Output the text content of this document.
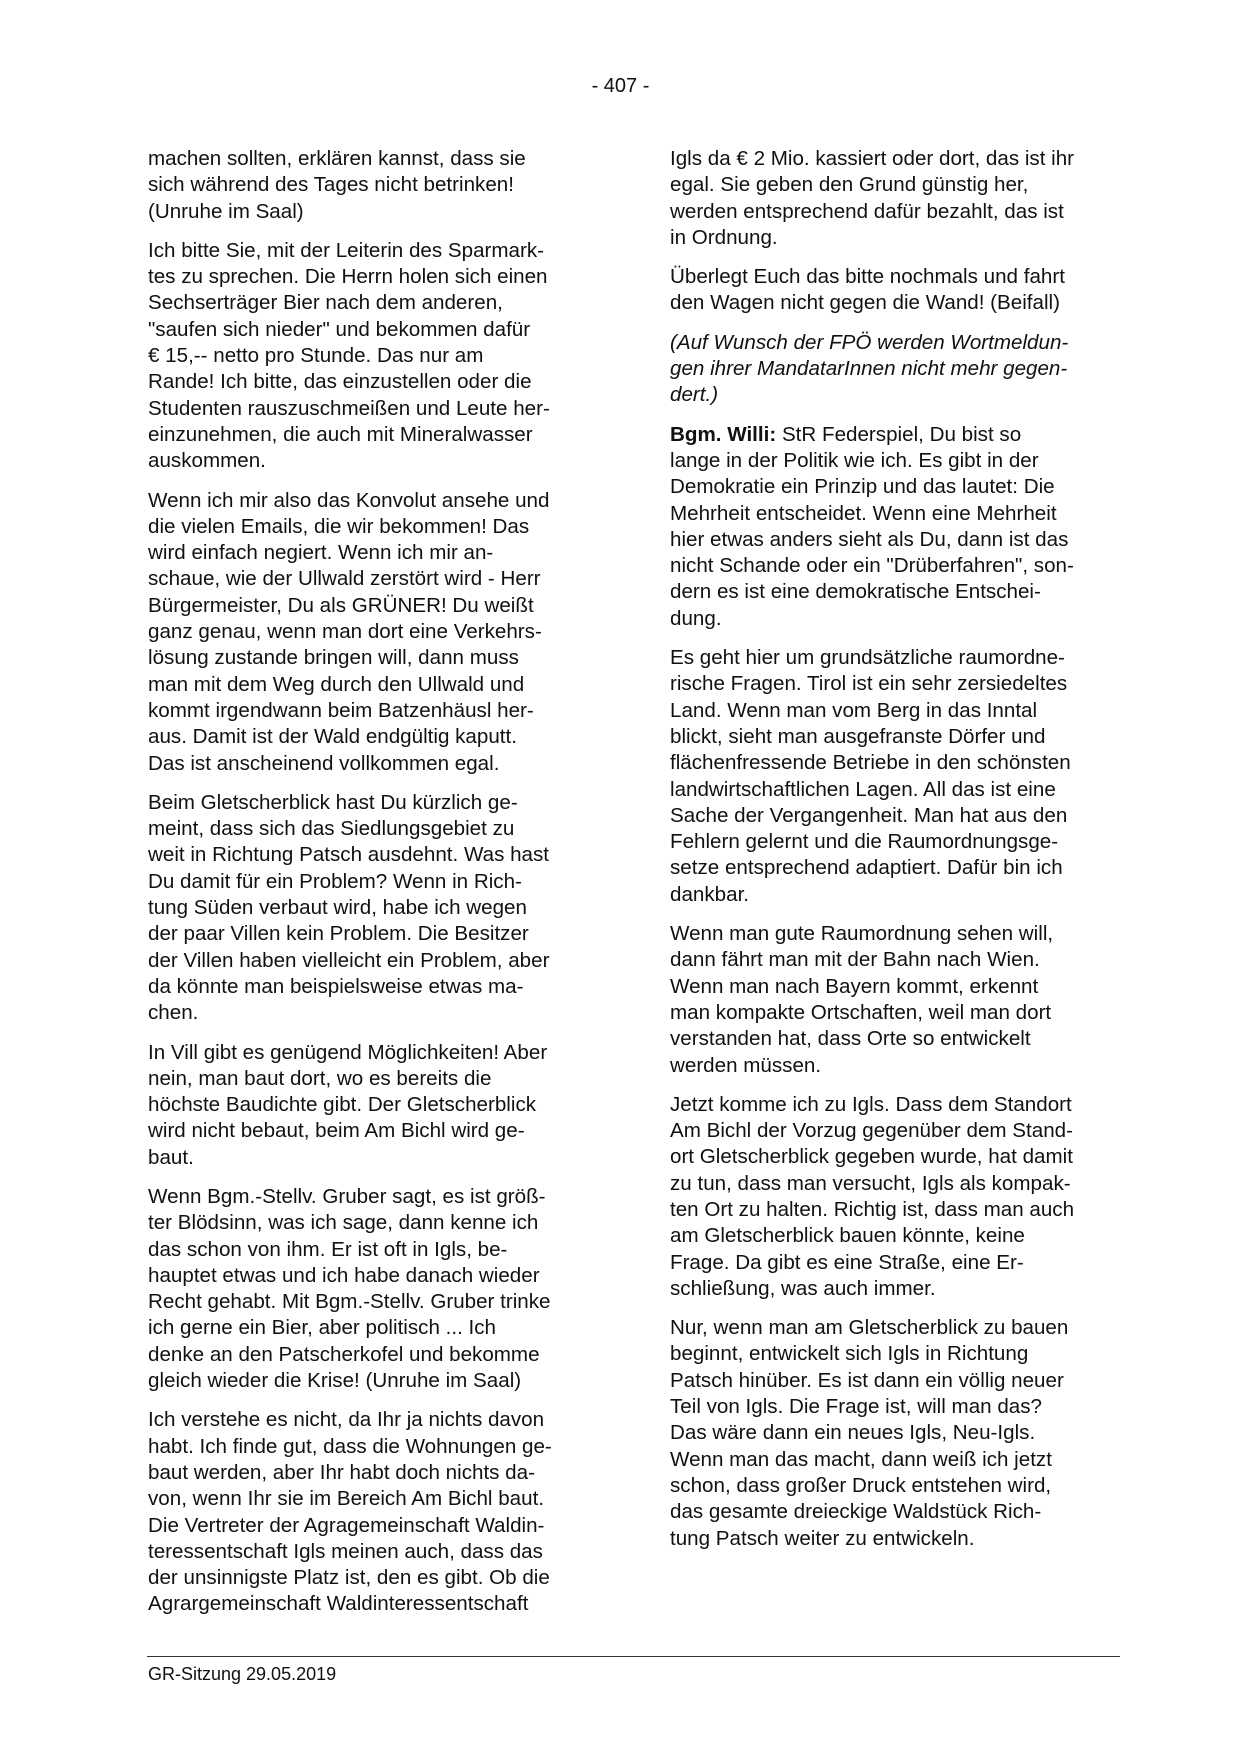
- 407 -

machen sollten, erklären kannst, dass sie
sich während des Tages nicht betrinken!
(Unruhe im Saal)

Ich bitte Sie, mit der Leiterin des Sparmark-
tes zu sprechen. Die Herrn holen sich einen
Sechserträger Bier nach dem anderen,
"saufen sich nieder" und bekommen dafür
€ 15,-- netto pro Stunde. Das nur am
Rande! Ich bitte, das einzustellen oder die
Studenten rauszuschmeißen und Leute her-
einzunehmen, die auch mit Mineralwasser
auskommen.

Wenn ich mir also das Konvolut ansehe und
die vielen Emails, die wir bekommen! Das
wird einfach negiert. Wenn ich mir an-
schaue, wie der Ullwald zerstört wird - Herr
Bürgermeister, Du als GRÜNER! Du weißt
ganz genau, wenn man dort eine Verkehrs-
lösung zustande bringen will, dann muss
man mit dem Weg durch den Ullwald und
kommt irgendwann beim Batzenhäusl her-
aus. Damit ist der Wald endgültig kaputt.
Das ist anscheinend vollkommen egal.

Beim Gletscherblick hast Du kürzlich ge-
meint, dass sich das Siedlungsgebiet zu
weit in Richtung Patsch ausdehnt. Was hast
Du damit für ein Problem? Wenn in Rich-
tung Süden verbaut wird, habe ich wegen
der paar Villen kein Problem. Die Besitzer
der Villen haben vielleicht ein Problem, aber
da könnte man beispielsweise etwas ma-
chen.

In Vill gibt es genügend Möglichkeiten! Aber
nein, man baut dort, wo es bereits die
höchste Baudichte gibt. Der Gletscherblick
wird nicht bebaut, beim Am Bichl wird ge-
baut.

Wenn Bgm.-Stellv. Gruber sagt, es ist größ-
ter Blödsinn, was ich sage, dann kenne ich
das schon von ihm. Er ist oft in Igls, be-
hauptet etwas und ich habe danach wieder
Recht gehabt. Mit Bgm.-Stellv. Gruber trinke
ich gerne ein Bier, aber politisch ... Ich
denke an den Patscherkofel und bekomme
gleich wieder die Krise! (Unruhe im Saal)

Ich verstehe es nicht, da Ihr ja nichts davon
habt. Ich finde gut, dass die Wohnungen ge-
baut werden, aber Ihr habt doch nichts da-
von, wenn Ihr sie im Bereich Am Bichl baut.
Die Vertreter der Agragemeinschaft Waldin-
teressentschaft Igls meinen auch, dass das
der unsinnigste Platz ist, den es gibt. Ob die
Agrargemeinschaft Waldinteressentschaft

Igls da € 2 Mio. kassiert oder dort, das ist ihr
egal. Sie geben den Grund günstig her,
werden entsprechend dafür bezahlt, das ist
in Ordnung.

Überlegt Euch das bitte nochmals und fahrt
den Wagen nicht gegen die Wand! (Beifall)

(Auf Wunsch der FPÖ werden Wortmeldun-
gen ihrer MandatarInnen nicht mehr gegen-
dert.)

Bgm. Willi: StR Federspiel, Du bist so
lange in der Politik wie ich. Es gibt in der
Demokratie ein Prinzip und das lautet: Die
Mehrheit entscheidet. Wenn eine Mehrheit
hier etwas anders sieht als Du, dann ist das
nicht Schande oder ein "Drüberfahren", son-
dern es ist eine demokratische Entschei-
dung.

Es geht hier um grundsätzliche raumordne-
rische Fragen. Tirol ist ein sehr zersiedeltes
Land. Wenn man vom Berg in das Inntal
blickt, sieht man ausgefranste Dörfer und
flächenfressende Betriebe in den schönsten
landwirtschaftlichen Lagen. All das ist eine
Sache der Vergangenheit. Man hat aus den
Fehlern gelernt und die Raumordnungsge-
setze entsprechend adaptiert. Dafür bin ich
dankbar.

Wenn man gute Raumordnung sehen will,
dann fährt man mit der Bahn nach Wien.
Wenn man nach Bayern kommt, erkennt
man kompakte Ortschaften, weil man dort
verstanden hat, dass Orte so entwickelt
werden müssen.

Jetzt komme ich zu Igls. Dass dem Standort
Am Bichl der Vorzug gegenüber dem Stand-
ort Gletscherblick gegeben wurde, hat damit
zu tun, dass man versucht, Igls als kompak-
ten Ort zu halten. Richtig ist, dass man auch
am Gletscherblick bauen könnte, keine
Frage. Da gibt es eine Straße, eine Er-
schließung, was auch immer.

Nur, wenn man am Gletscherblick zu bauen
beginnt, entwickelt sich Igls in Richtung
Patsch hinüber. Es ist dann ein völlig neuer
Teil von Igls. Die Frage ist, will man das?
Das wäre dann ein neues Igls, Neu-Igls.
Wenn man das macht, dann weiß ich jetzt
schon, dass großer Druck entstehen wird,
das gesamte dreieckige Waldstück Rich-
tung Patsch weiter zu entwickeln.

GR-Sitzung 29.05.2019
